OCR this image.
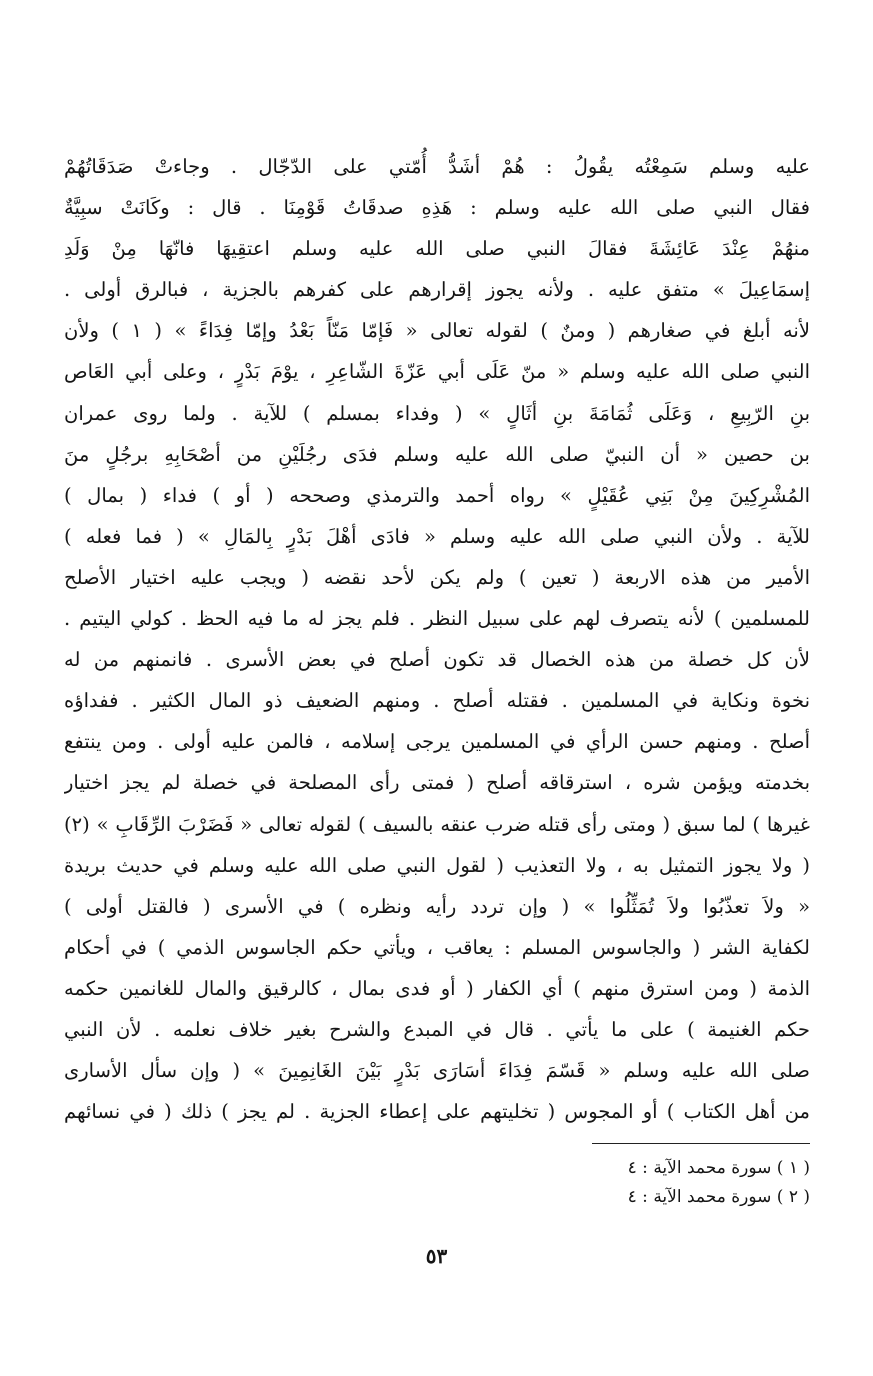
عليه وسلم سَمِعْتُه يقُولُ : هُمْ أشَدُّ أُمّتي على الدّجّال . وجاءتْ صَدَقَاتُهُمْ
فقال النبي صلى الله عليه وسلم : هَذِهِ صدقَاتُ قَوْمِنَا . قال : وكَانَتْ سبِيَّةٌ
منهُمْ عِنْدَ عَائِشَةَ فقالَ النبي صلى الله عليه وسلم اعتقِيهَا فانّهَا مِنْ وَلَدِ
إسمَاعِيلَ » متفق عليه . ولأنه يجوز إقرارهم على كفرهم بالجزية ، فبالرق أولى .
لأنه أبلغ في صغارهم ( ومنٌ ) لقوله تعالى « فَإمّا مَنّاً بَعْدُ وإمّا فِدَاءً » ( ١ ) ولأن
النبي صلى الله عليه وسلم « منّ عَلَى أبي عَزّةَ الشّاعِرِ ، يوْمَ بَدْرٍ ، وعلى أبي العَاص
بنِ الرّبِيعِ ، وَعَلَى ثُمَامَةَ بنِ أثَالٍ » ( وفداء بمسلم ) للآية . ولما روى عمران
بن حصين « أن النبيّ صلى الله عليه وسلم فدَى رجُلَيْنِ من أصْحَابِهِ برجُلٍ منَ
المُشْرِكِينَ مِنْ بَنِي عُقَيْلٍ » رواه أحمد والترمذي وصححه ( أو ) فداء ( بمال )
للآية . ولأن النبي صلى الله عليه وسلم « فادَى أهْلَ بَدْرٍ بِالمَالِ » ( فما فعله )
الأمير من هذه الاربعة ( تعين ) ولم يكن لأحد نقضه ( ويجب عليه اختيار الأصلح
للمسلمين ) لأنه يتصرف لهم على سبيل النظر . فلم يجز له ما فيه الحظ . كولي اليتيم .
لأن كل خصلة من هذه الخصال قد تكون أصلح في بعض الأسرى . فانمنهم من له
نخوة ونكاية في المسلمين . فقتله أصلح . ومنهم الضعيف ذو المال الكثير . ففداؤه
أصلح . ومنهم حسن الرأي في المسلمين يرجى إسلامه ، فالمن عليه أولى . ومن ينتفع
بخدمته ويؤمن شره ، استرقاقه أصلح ( فمتى رأى المصلحة في خصلة لم يجز اختيار
غيرها ) لما سبق ( ومتى رأى قتله ضرب عنقه بالسيف ) لقوله تعالى « فَضَرْبَ الرِّقَابِ » (٢)
( ولا يجوز التمثيل به ، ولا التعذيب ( لقول النبي صلى الله عليه وسلم في حديث بريدة
« ولاَ تعذّبُوا ولاَ تُمَثِّلُوا » ( وإن تردد رأيه ونظره ) في الأسرى ( فالقتل أولى )
لكفاية الشر ( والجاسوس المسلم : يعاقب ، ويأتي حكم الجاسوس الذمي ) في أحكام
الذمة ( ومن استرق منهم ) أي الكفار ( أو فدى بمال ، كالرقيق والمال للغانمين حكمه
حكم الغنيمة ) على ما يأتي . قال في المبدع والشرح بغير خلاف نعلمه . لأن النبي
صلى الله عليه وسلم « قَسّمَ فِدَاءَ أسَارَى بَدْرٍ بَيْنَ الغَانِمِينَ » ( وإن سأل الأسارى
من أهل الكتاب ) أو المجوس ( تخليتهم على إعطاء الجزية . لم يجز ) ذلك ( في نسائهم
( ١ ) سورة محمد الآية : ٤
( ٢ ) سورة محمد الآية : ٤
٥٣
